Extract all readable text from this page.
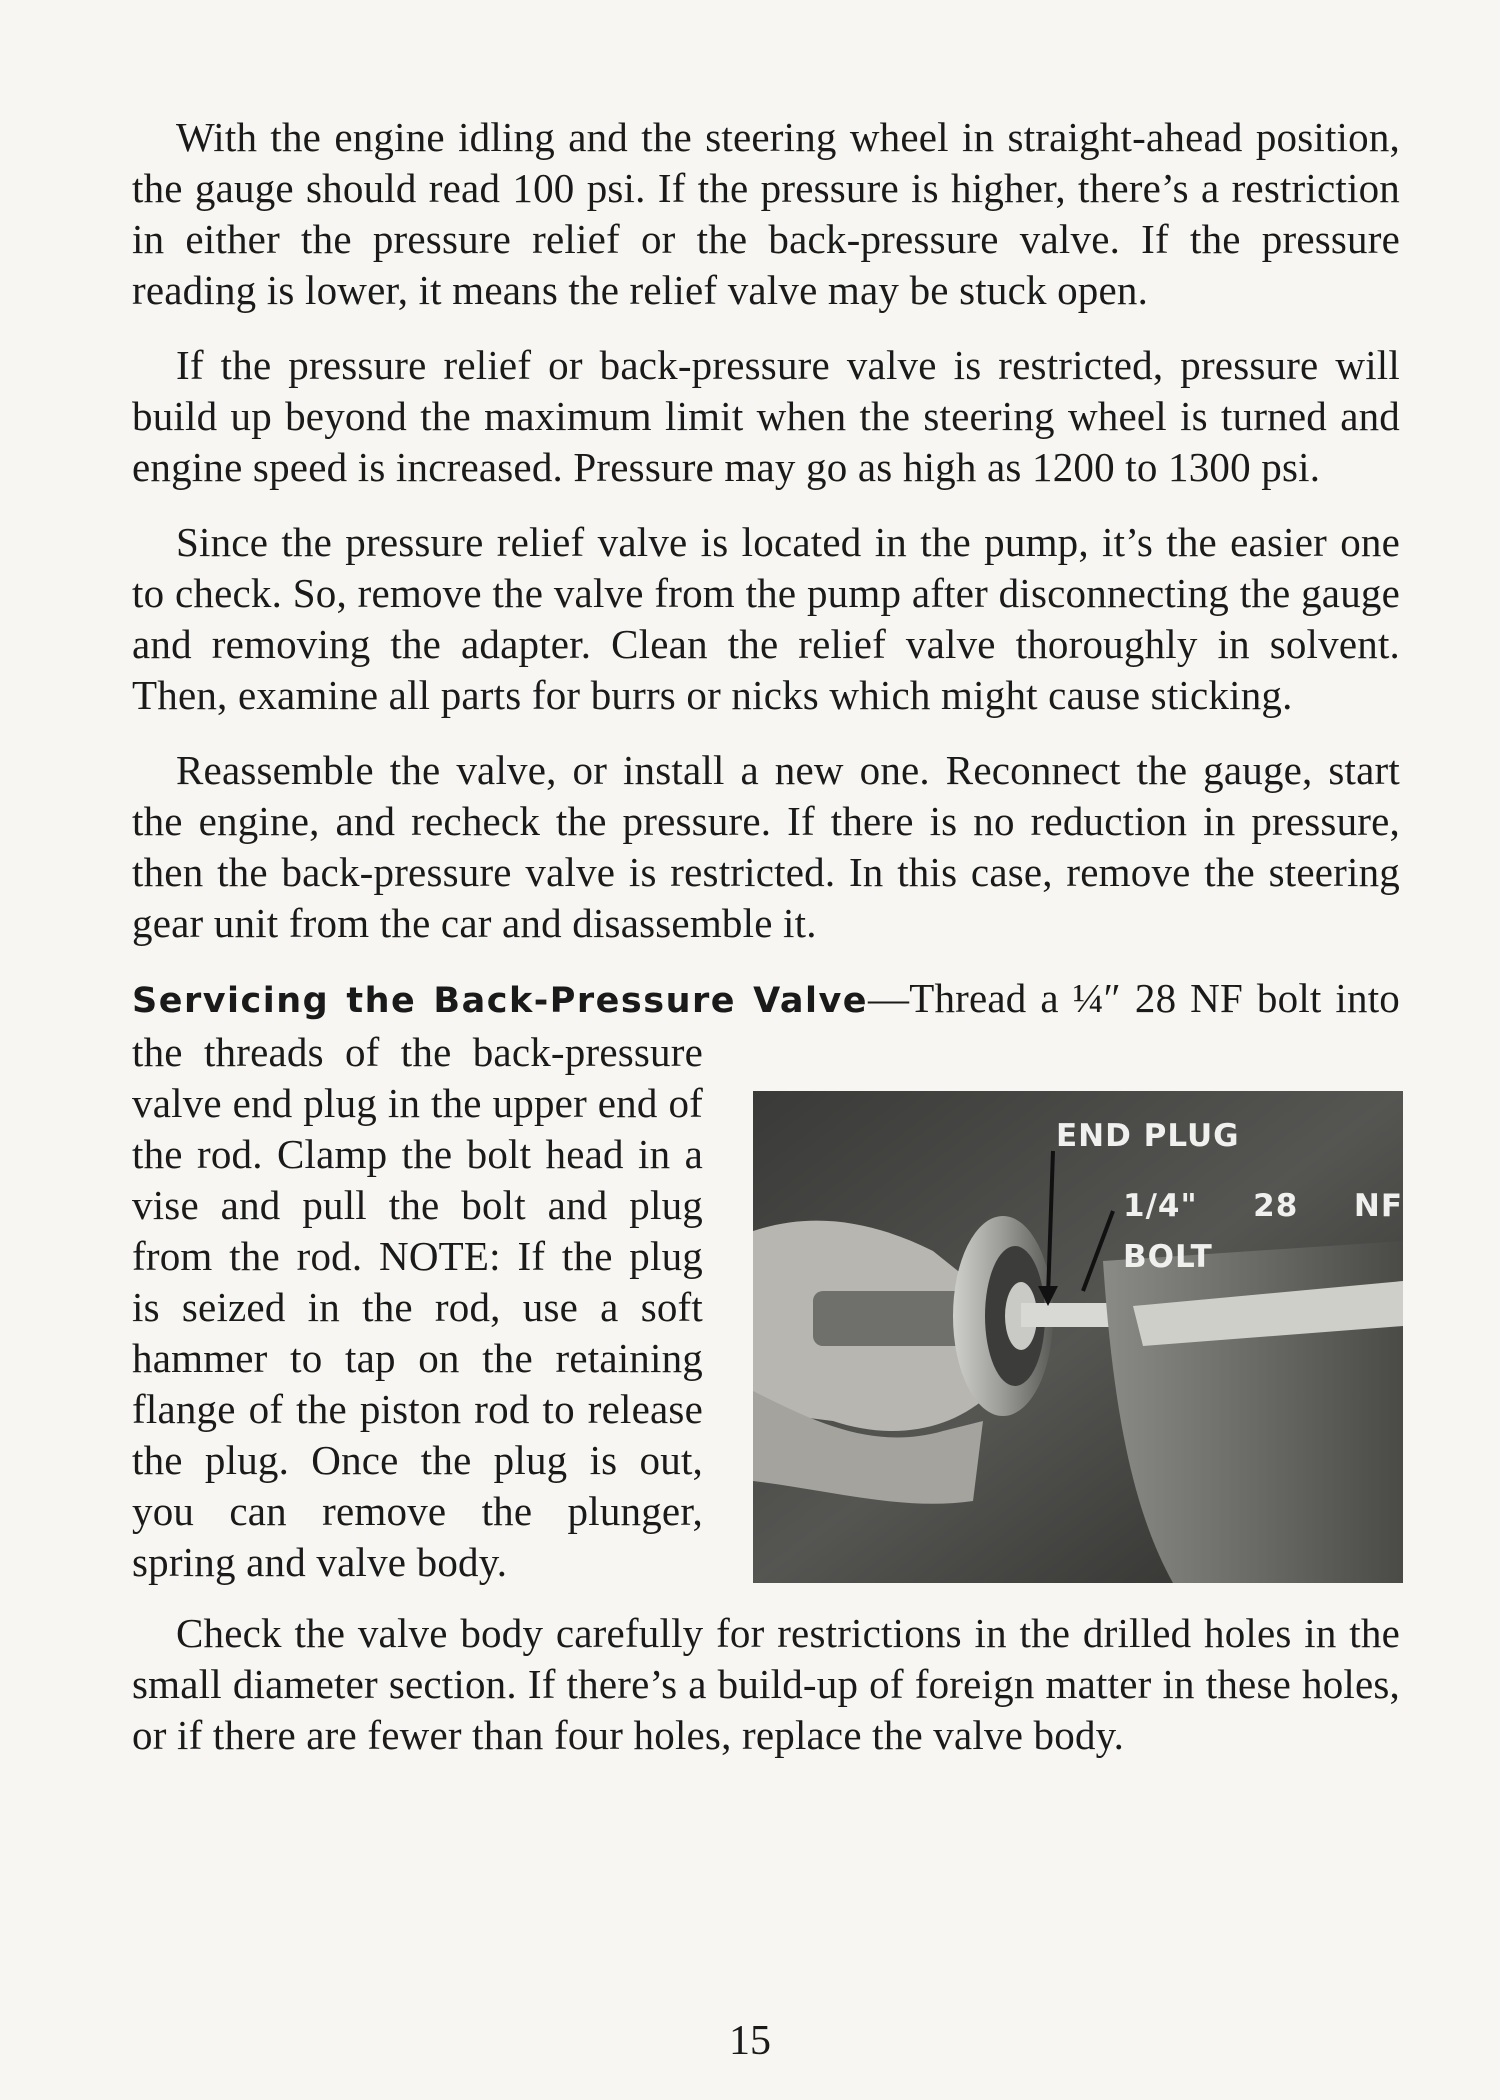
With the engine idling and the steering wheel in straight-ahead position, the gauge should read 100 psi. If the pressure is higher, there’s a restriction in either the pressure relief or the back-pressure valve. If the pressure reading is lower, it means the relief valve may be stuck open.

If the pressure relief or back-pressure valve is restricted, pressure will build up beyond the maximum limit when the steering wheel is turned and engine speed is increased. Pressure may go as high as 1200 to 1300 psi.

Since the pressure relief valve is located in the pump, it’s the easier one to check. So, remove the valve from the pump after disconnecting the gauge and removing the adapter. Clean the relief valve thoroughly in solvent. Then, examine all parts for burrs or nicks which might cause sticking.

Reassemble the valve, or install a new one. Reconnect the gauge, start the engine, and recheck the pressure. If there is no reduction in pressure, then the back-pressure valve is restricted. In this case, remove the steering gear unit from the car and disassemble it.

Servicing the Back-Pressure Valve
END PLUG
1/4" 28 NF BOLT
—Thread a ¼″ 28 NF bolt into the threads of the back-pressure valve end plug in the upper end of the rod. Clamp the bolt head in a vise and pull the bolt and plug from the rod. NOTE: If the plug is seized in the rod, use a soft hammer to tap on the retaining flange of the piston rod to release the plug. Once the plug is out, you can remove the plunger, spring and valve body.

Check the valve body carefully for restrictions in the drilled holes in the small diameter section. If there’s a build-up of foreign matter in these holes, or if there are fewer than four holes, replace the valve body.

15
